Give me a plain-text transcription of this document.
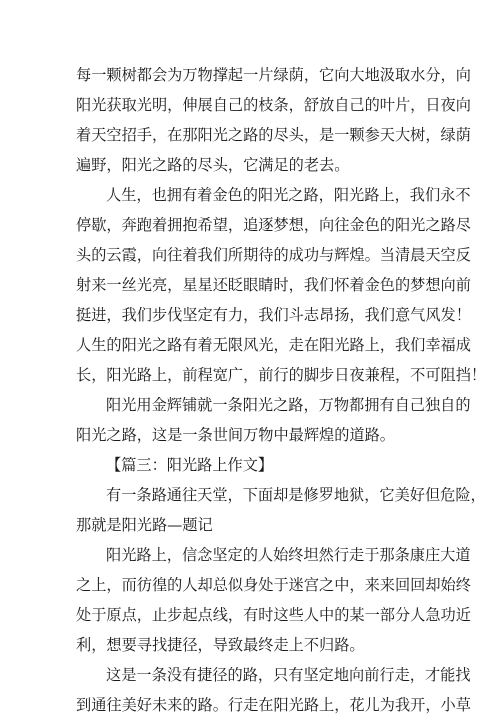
每一颗树都会为万物撑起一片绿荫，它向大地汲取水分，向
阳光获取光明，伸展自己的枝条，舒放自己的叶片，日夜向
着天空招手，在那阳光之路的尽头，是一颗参天大树，绿荫
遍野，阳光之路的尽头，它满足的老去。
人生，也拥有着金色的阳光之路，阳光路上，我们永不
停歇，奔跑着拥抱希望，追逐梦想，向往金色的阳光之路尽
头的云霞，向往着我们所期待的成功与辉煌。当清晨天空反
射来一丝光亮，星星还眨眼睛时，我们怀着金色的梦想向前
挺进，我们步伐坚定有力，我们斗志昂扬，我们意气风发！
人生的阳光之路有着无限风光，走在阳光路上，我们幸福成
长，阳光路上，前程宽广，前行的脚步日夜兼程，不可阻挡！
阳光用金辉铺就一条阳光之路，万物都拥有自己独自的
阳光之路，这是一条世间万物中最辉煌的道路。
【篇三：阳光路上作文】
有一条路通往天堂，下面却是修罗地狱，它美好但危险，
那就是阳光路—题记
阳光路上，信念坚定的人始终坦然行走于那条康庄大道
之上，而彷徨的人却总似身处于迷宫之中，来来回回却始终
处于原点，止步起点线，有时这些人中的某一部分人急功近
利，想要寻找捷径，导致最终走上不归路。
这是一条没有捷径的路，只有坚定地向前行走，才能找
到通往美好未来的路。行走在阳光路上，花儿为我开，小草
